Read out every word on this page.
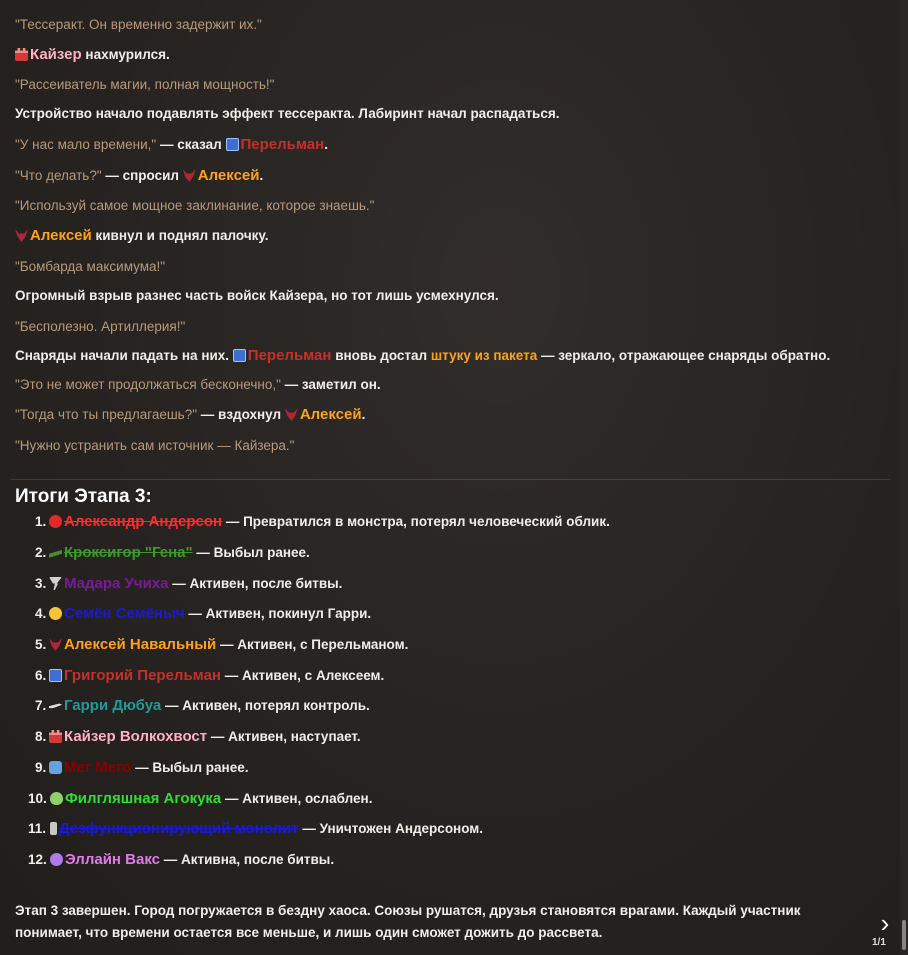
"Тессеракт. Он временно задержит их."
Кайзер нахмурился.
"Рассеиватель магии, полная мощность!"
Устройство начало подавлять эффект тессеракта. Лабиринт начал распадаться.
"У нас мало времени," — сказал Перельман.
"Что делать?" — спросил Алексей.
"Используй самое мощное заклинание, которое знаешь."
Алексей кивнул и поднял палочку.
"Бомбарда максимума!"
Огромный взрыв разнес часть войск Кайзера, но тот лишь усмехнулся.
"Бесполезно. Артиллерия!"
Снаряды начали падать на них. Перельман вновь достал штуку из пакета — зеркало, отражающее снаряды обратно.
"Это не может продолжаться бесконечно," — заметил он.
"Тогда что ты предлагаешь?" — вздохнул Алексей.
"Нужно устранить сам источник — Кайзера."
Итоги Этапа 3:
1. Александр Андерсон — Превратился в монстра, потерял человеческий облик.
2. Кроксигор "Гена" — Выбыл ранее.
3. Мадара Учиха — Активен, после битвы.
4. Семён Семёныч — Активен, покинул Гарри.
5. Алексей Навальный — Активен, с Перельманом.
6. Григорий Перельман — Активен, с Алексеем.
7. Гарри Дюбуа — Активен, потерял контроль.
8. Кайзер Волкохвост — Активен, наступает.
9. Мег Мего — Выбыл ранее.
10. Филгляшная Агокука — Активен, ослаблен.
11. Дезфункционирующий монолит — Уничтожен Андерсоном.
12. Эллайн Вакс — Активна, после битвы.
Этап 3 завершен. Город погружается в бездну хаоса. Союзы рушатся, друзья становятся врагами. Каждый участник понимает, что времени остается все меньше, и лишь один сможет дожить до рассвета.	›
1/1
